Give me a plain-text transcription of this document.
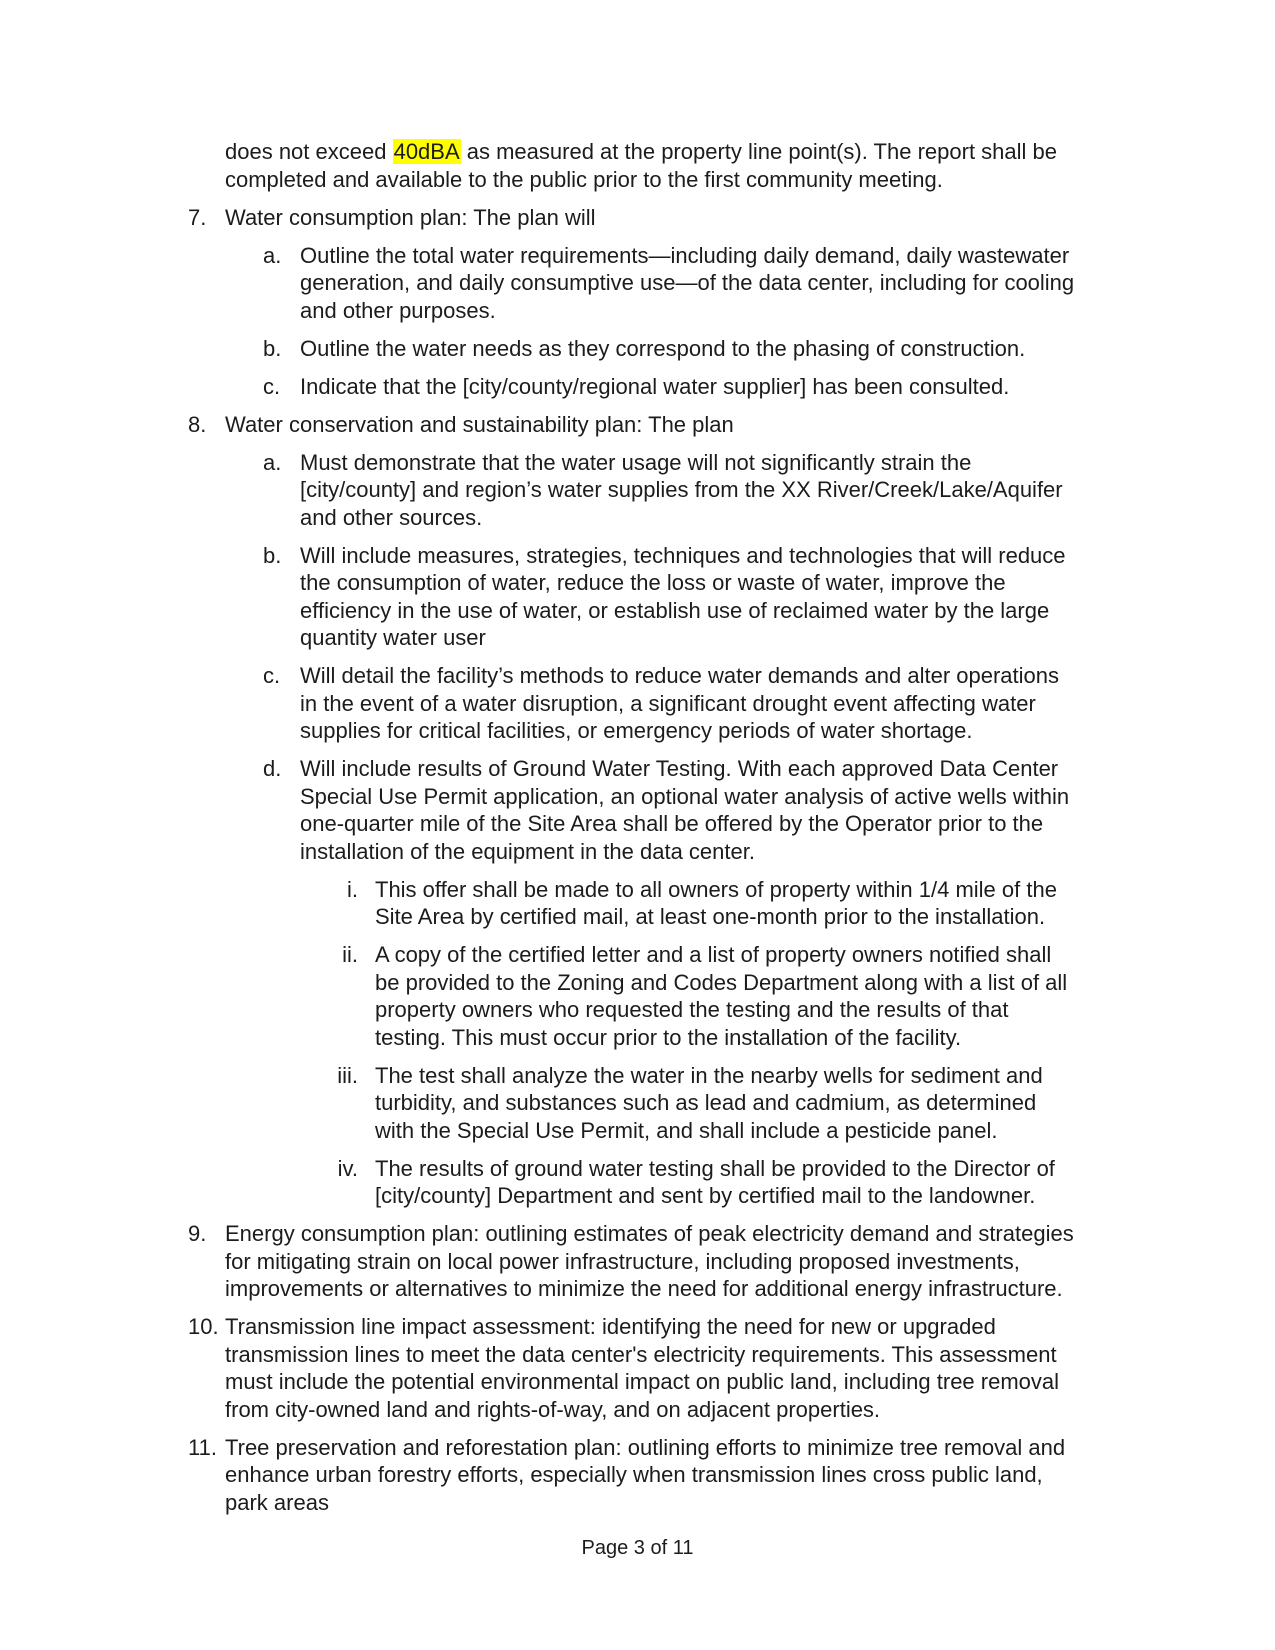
does not exceed 40dBA as measured at the property line point(s). The report shall be completed and available to the public prior to the first community meeting.

7. Water consumption plan: The plan will
a. Outline the total water requirements—including daily demand, daily wastewater generation, and daily consumptive use—of the data center, including for cooling and other purposes.
b. Outline the water needs as they correspond to the phasing of construction.
c. Indicate that the [city/county/regional water supplier] has been consulted.
8. Water conservation and sustainability plan: The plan
a. Must demonstrate that the water usage will not significantly strain the [city/county] and region’s water supplies from the XX River/Creek/Lake/Aquifer and other sources.
b. Will include measures, strategies, techniques and technologies that will reduce the consumption of water, reduce the loss or waste of water, improve the efficiency in the use of water, or establish use of reclaimed water by the large quantity water user
c. Will detail the facility’s methods to reduce water demands and alter operations in the event of a water disruption, a significant drought event affecting water supplies for critical facilities, or emergency periods of water shortage.
d. Will include results of Ground Water Testing. With each approved Data Center Special Use Permit application, an optional water analysis of active wells within one-quarter mile of the Site Area shall be offered by the Operator prior to the installation of the equipment in the data center.
i. This offer shall be made to all owners of property within 1/4 mile of the Site Area by certified mail, at least one-month prior to the installation.
ii. A copy of the certified letter and a list of property owners notified shall be provided to the Zoning and Codes Department along with a list of all property owners who requested the testing and the results of that testing. This must occur prior to the installation of the facility.
iii. The test shall analyze the water in the nearby wells for sediment and turbidity, and substances such as lead and cadmium, as determined with the Special Use Permit, and shall include a pesticide panel.
iv. The results of ground water testing shall be provided to the Director of [city/county] Department and sent by certified mail to the landowner.
9. Energy consumption plan: outlining estimates of peak electricity demand and strategies for mitigating strain on local power infrastructure, including proposed investments, improvements or alternatives to minimize the need for additional energy infrastructure.
10. Transmission line impact assessment: identifying the need for new or upgraded transmission lines to meet the data center's electricity requirements. This assessment must include the potential environmental impact on public land, including tree removal from city-owned land and rights-of-way, and on adjacent properties.
11. Tree preservation and reforestation plan: outlining efforts to minimize tree removal and enhance urban forestry efforts, especially when transmission lines cross public land, park areas
Page 3 of 11
